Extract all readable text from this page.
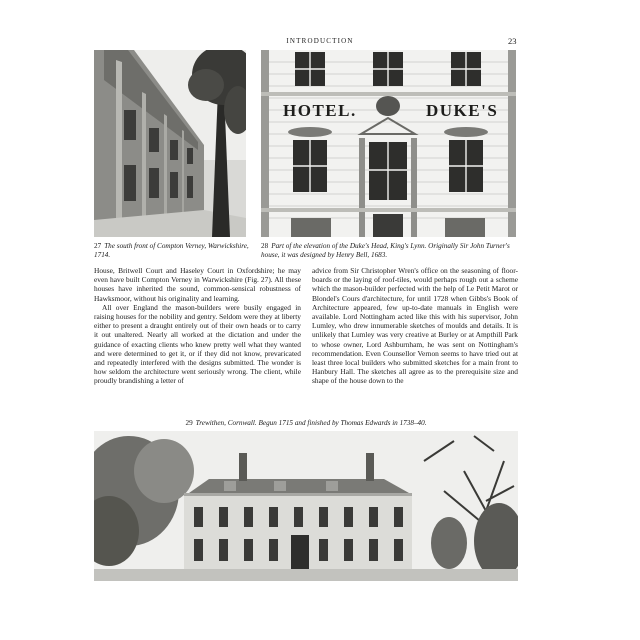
INTRODUCTION	23
HOTEL.	DUKE'S
27 The south front of Compton Verney, Warwickshire, 1714.
28 Part of the elevation of the Duke's Head, King's Lynn. Originally Sir John Turner's house, it was designed by Henry Bell, 1683.

House, Britwell Court and Haseley Court in Oxfordshire; he may even have built Compton Verney in Warwickshire (Fig. 27). All these houses have inherited the sound, common-sensical robustness of Hawksmoor, without his originality and learning.

All over England the mason-builders were busily engaged in raising houses for the nobility and gentry. Seldom were they at liberty either to present a draught entirely out of their own heads or to carry it out unaltered. Nearly all worked at the dictation and under the guidance of exacting clients who knew pretty well what they wanted and were determined to get it, or if they did not know, prevaricated and repeatedly interfered with the designs submitted. The wonder is how seldom the architecture went seriously wrong. The client, while proudly brandishing a letter of

advice from Sir Christopher Wren's office on the seasoning of floor-boards or the laying of roof-tiles, would perhaps rough out a scheme which the mason-builder perfected with the help of Le Petit Marot or Blondel's Cours d'architecture, for until 1728 when Gibbs's Book of Architecture appeared, few up-to-date manuals in English were available. Lord Nottingham acted like this with his supervisor, John Lumley, who drew innumerable sketches of moulds and details. It is unlikely that Lumley was very creative at Burley or at Ampthill Park to whose owner, Lord Ashburnham, he was sent on Nottingham's recommendation. Even Counsellor Vernon seems to have tried out at least three local builders who submitted sketches for a main front to Hanbury Hall. The sketches all agree as to the prerequisite size and shape of the house down to the

29 Trewithen, Cornwall. Begun 1715 and finished by Thomas Edwards in 1738–40.
